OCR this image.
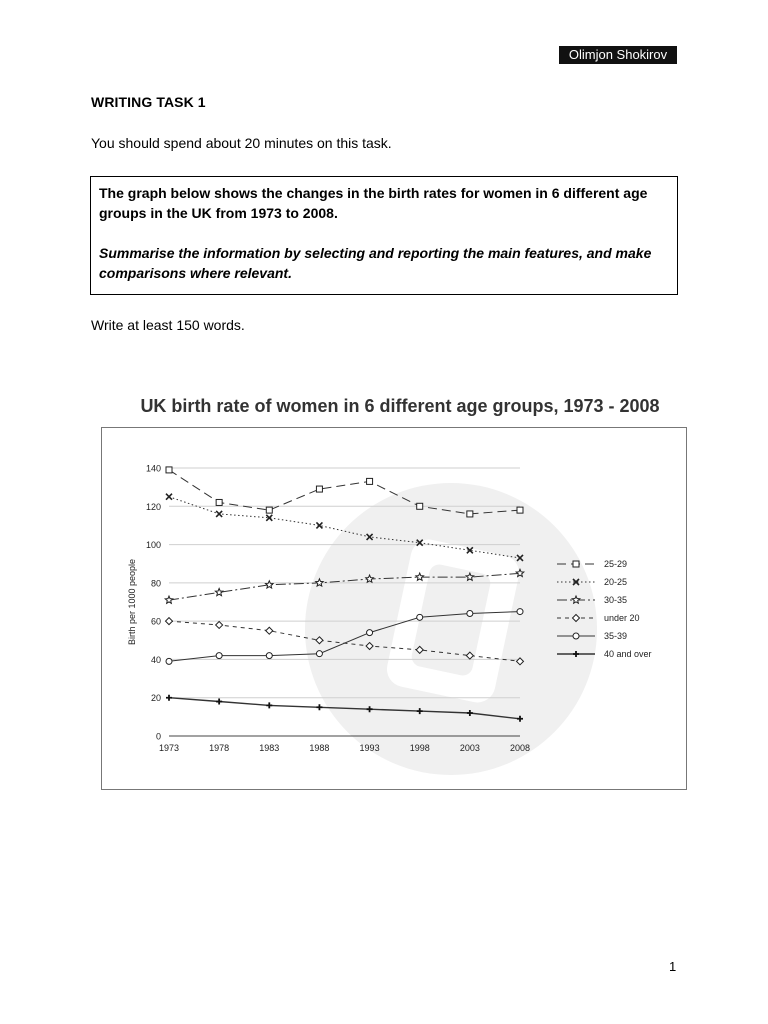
Olimjon Shokirov
WRITING TASK 1
You should spend about 20 minutes on this task.

The graph below shows the changes in the birth rates for women in 6 different age groups in the UK from 1973 to 2008.

Summarise the information by selecting and reporting the main features, and make comparisons where relevant.

Write at least 150 words.
UK birth rate of women in 6 different age groups, 1973 - 2008
0
20
40
60
80
100
120
140
1973	1978	1983	1988	1993	1998	2003	2008
Birth per 1000 people	25-29
20-25
30-35
under 20
35-39
40 and over
1
